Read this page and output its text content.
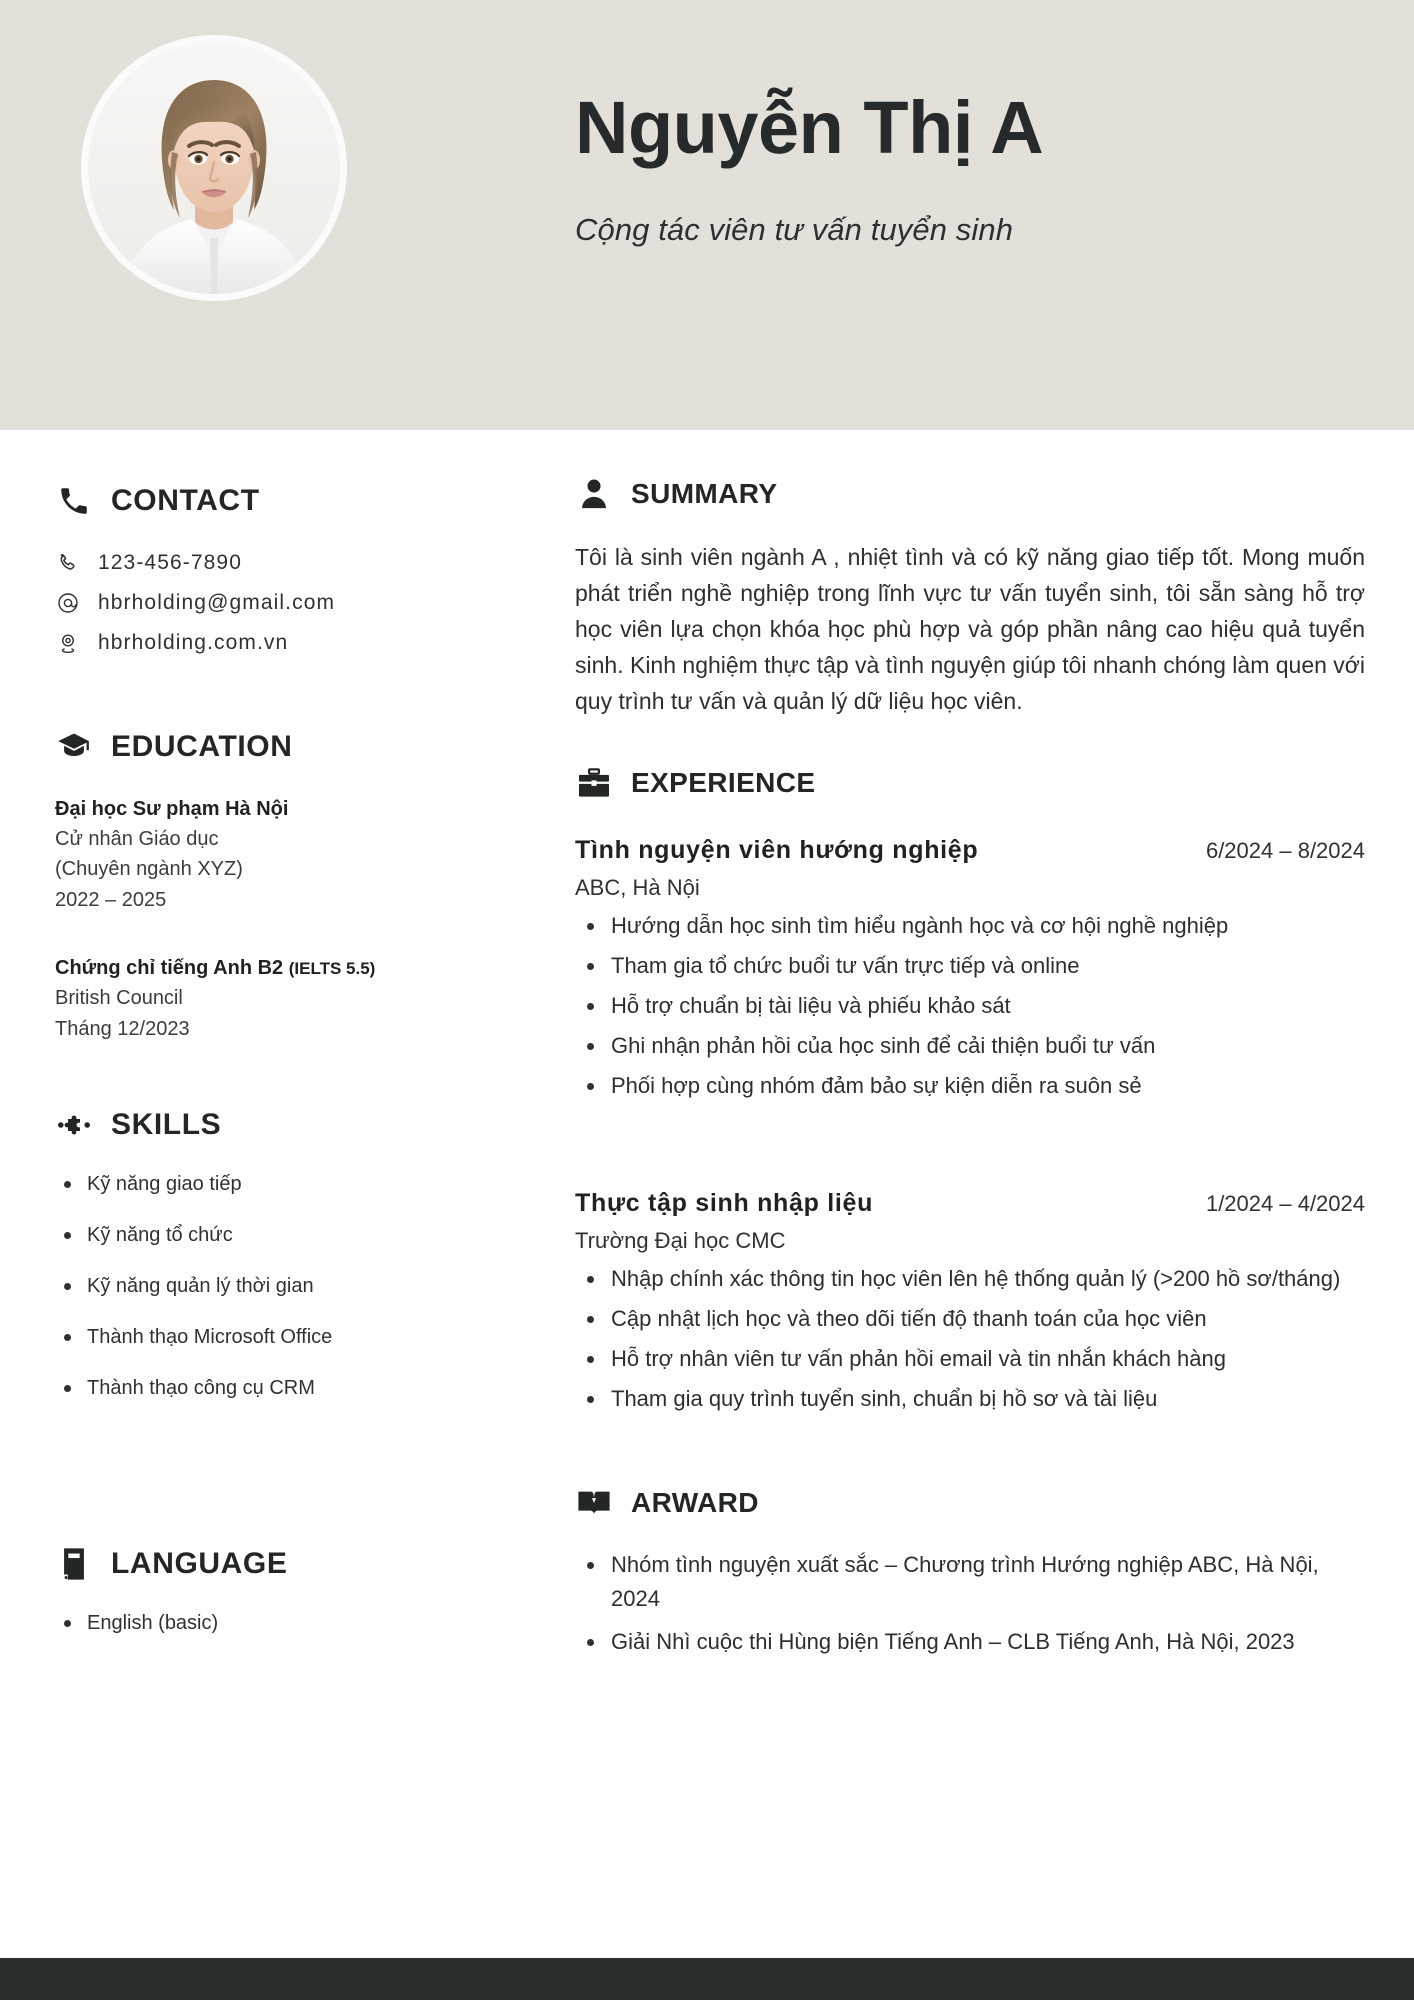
Nguyễn Thị A
Cộng tác viên tư vấn tuyển sinh
CONTACT
123-456-7890
hbrholding@gmail.com
hbrholding.com.vn
EDUCATION
Đại học Sư phạm Hà Nội
Cử nhân Giáo dục
(Chuyên ngành XYZ)
2022 – 2025
Chứng chỉ tiếng Anh B2 (IELTS 5.5)
British Council
Tháng 12/2023
SKILLS
Kỹ năng giao tiếp
Kỹ năng tổ chức
Kỹ năng quản lý thời gian
Thành thạo Microsoft Office
Thành thạo công cụ CRM
LANGUAGE
English (basic)
SUMMARY

Tôi là sinh viên ngành A , nhiệt tình và có kỹ năng giao tiếp tốt. Mong muốn phát triển nghề nghiệp trong lĩnh vực tư vấn tuyển sinh, tôi sẵn sàng hỗ trợ học viên lựa chọn khóa học phù hợp và góp phần nâng cao hiệu quả tuyển sinh. Kinh nghiệm thực tập và tình nguyện giúp tôi nhanh chóng làm quen với quy trình tư vấn và quản lý dữ liệu học viên.

EXPERIENCE
Tình nguyện viên hướng nghiệp	6/2024 – 8/2024
ABC, Hà Nội
Hướng dẫn học sinh tìm hiểu ngành học và cơ hội nghề nghiệp
Tham gia tổ chức buổi tư vấn trực tiếp và online
Hỗ trợ chuẩn bị tài liệu và phiếu khảo sát
Ghi nhận phản hồi của học sinh để cải thiện buổi tư vấn
Phối hợp cùng nhóm đảm bảo sự kiện diễn ra suôn sẻ
Thực tập sinh nhập liệu	1/2024 – 4/2024
Trường Đại học CMC
Nhập chính xác thông tin học viên lên hệ thống quản lý (>200 hồ sơ/tháng)
Cập nhật lịch học và theo dõi tiến độ thanh toán của học viên
Hỗ trợ nhân viên tư vấn phản hồi email và tin nhắn khách hàng
Tham gia quy trình tuyển sinh, chuẩn bị hồ sơ và tài liệu
ARWARD
Nhóm tình nguyện xuất sắc – Chương trình Hướng nghiệp ABC, Hà Nội, 2024
Giải Nhì cuộc thi Hùng biện Tiếng Anh – CLB Tiếng Anh, Hà Nội, 2023
